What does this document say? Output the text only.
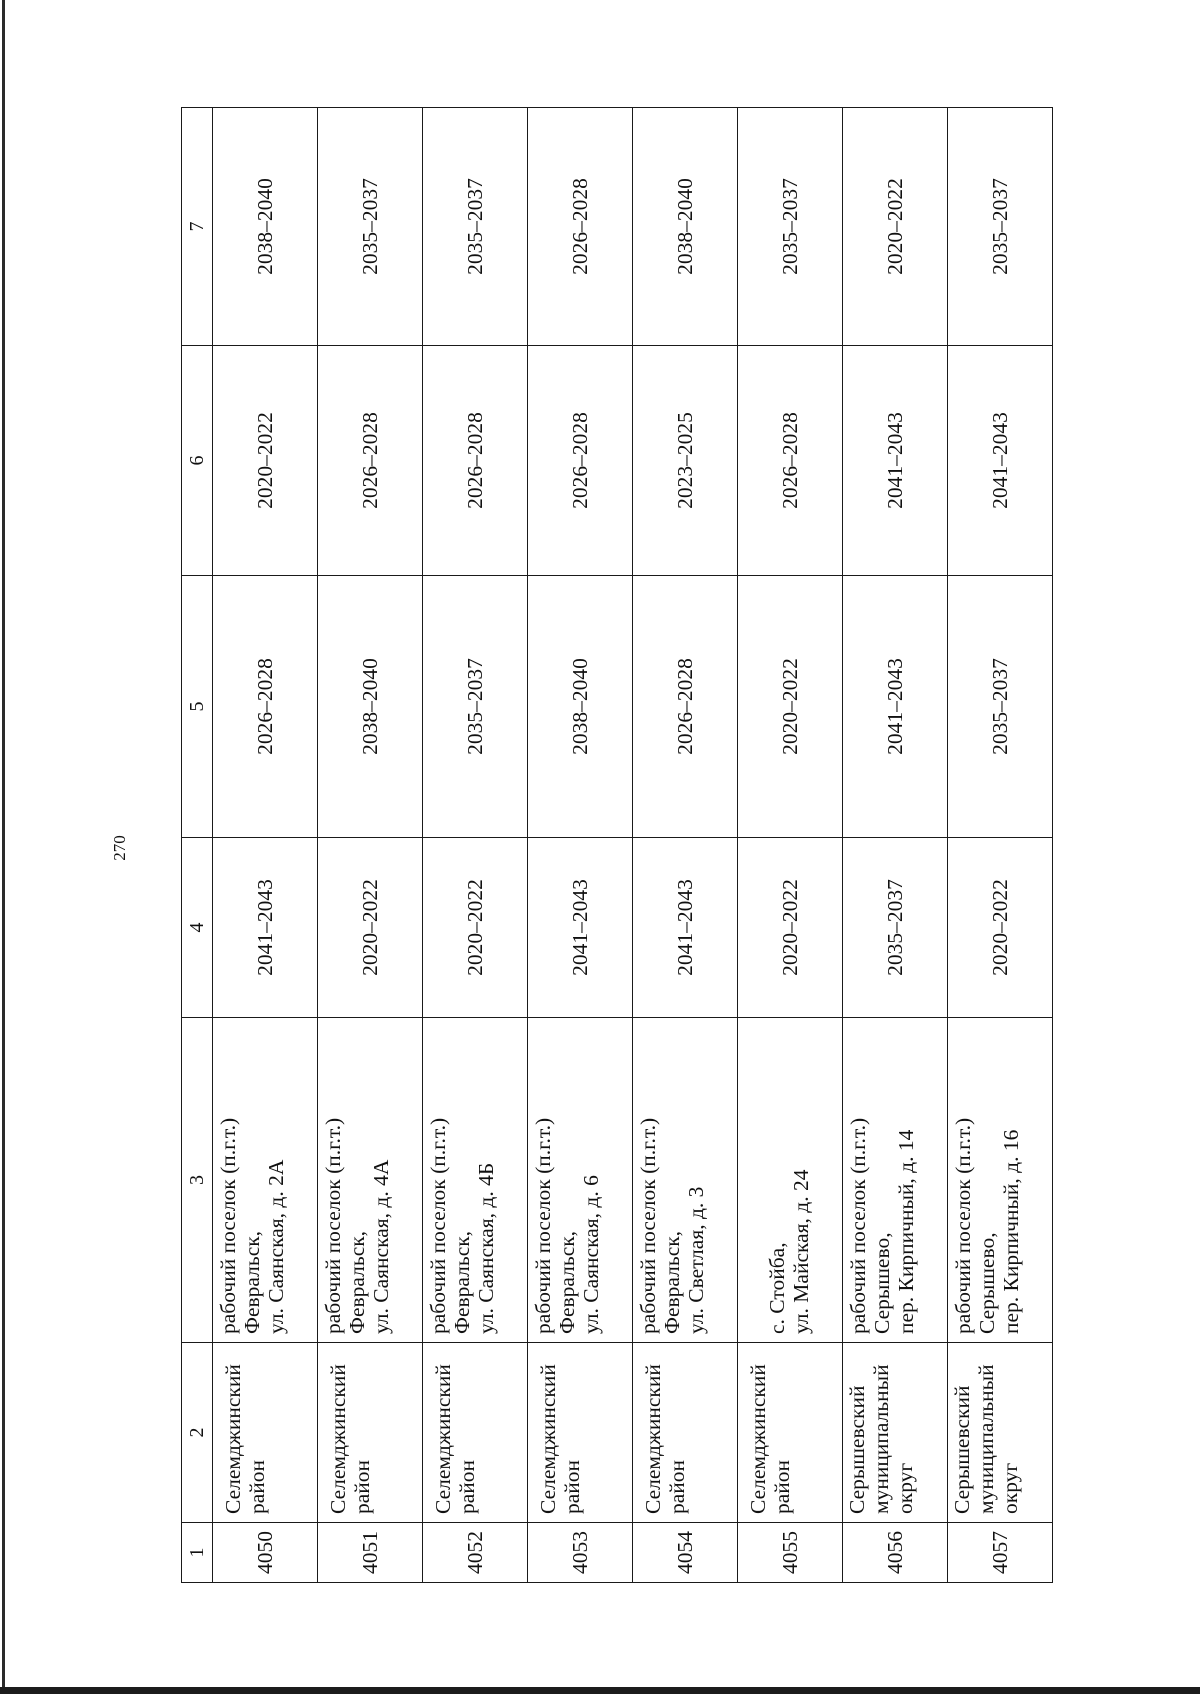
270
1	2	3	4	5	6	7
4050	Селемджинский район	рабочий поселок (п.г.т.) Февральск, ул. Саянская, д. 2А	2041–2043	2026–2028	2020–2022	2038–2040
4051	Селемджинский район	рабочий поселок (п.г.т.) Февральск, ул. Саянская, д. 4А	2020–2022	2038–2040	2026–2028	2035–2037
4052	Селемджинский район	рабочий поселок (п.г.т.) Февральск, ул. Саянская, д. 4Б	2020–2022	2035–2037	2026–2028	2035–2037
4053	Селемджинский район	рабочий поселок (п.г.т.) Февральск, ул. Саянская, д. 6	2041–2043	2038–2040	2026–2028	2026–2028
4054	Селемджинский район	рабочий поселок (п.г.т.) Февральск, ул. Светлая, д. 3	2041–2043	2026–2028	2023–2025	2038–2040
4055	Селемджинский район	с. Стойба, ул. Майская, д. 24	2020–2022	2020–2022	2026–2028	2035–2037
4056	Серышевский муниципальный округ	рабочий поселок (п.г.т.) Серышево, пер. Кирпичный, д. 14	2035–2037	2041–2043	2041–2043	2020–2022
4057	Серышевский муниципальный округ	рабочий поселок (п.г.т.) Серышево, пер. Кирпичный, д. 16	2020–2022	2035–2037	2041–2043	2035–2037
